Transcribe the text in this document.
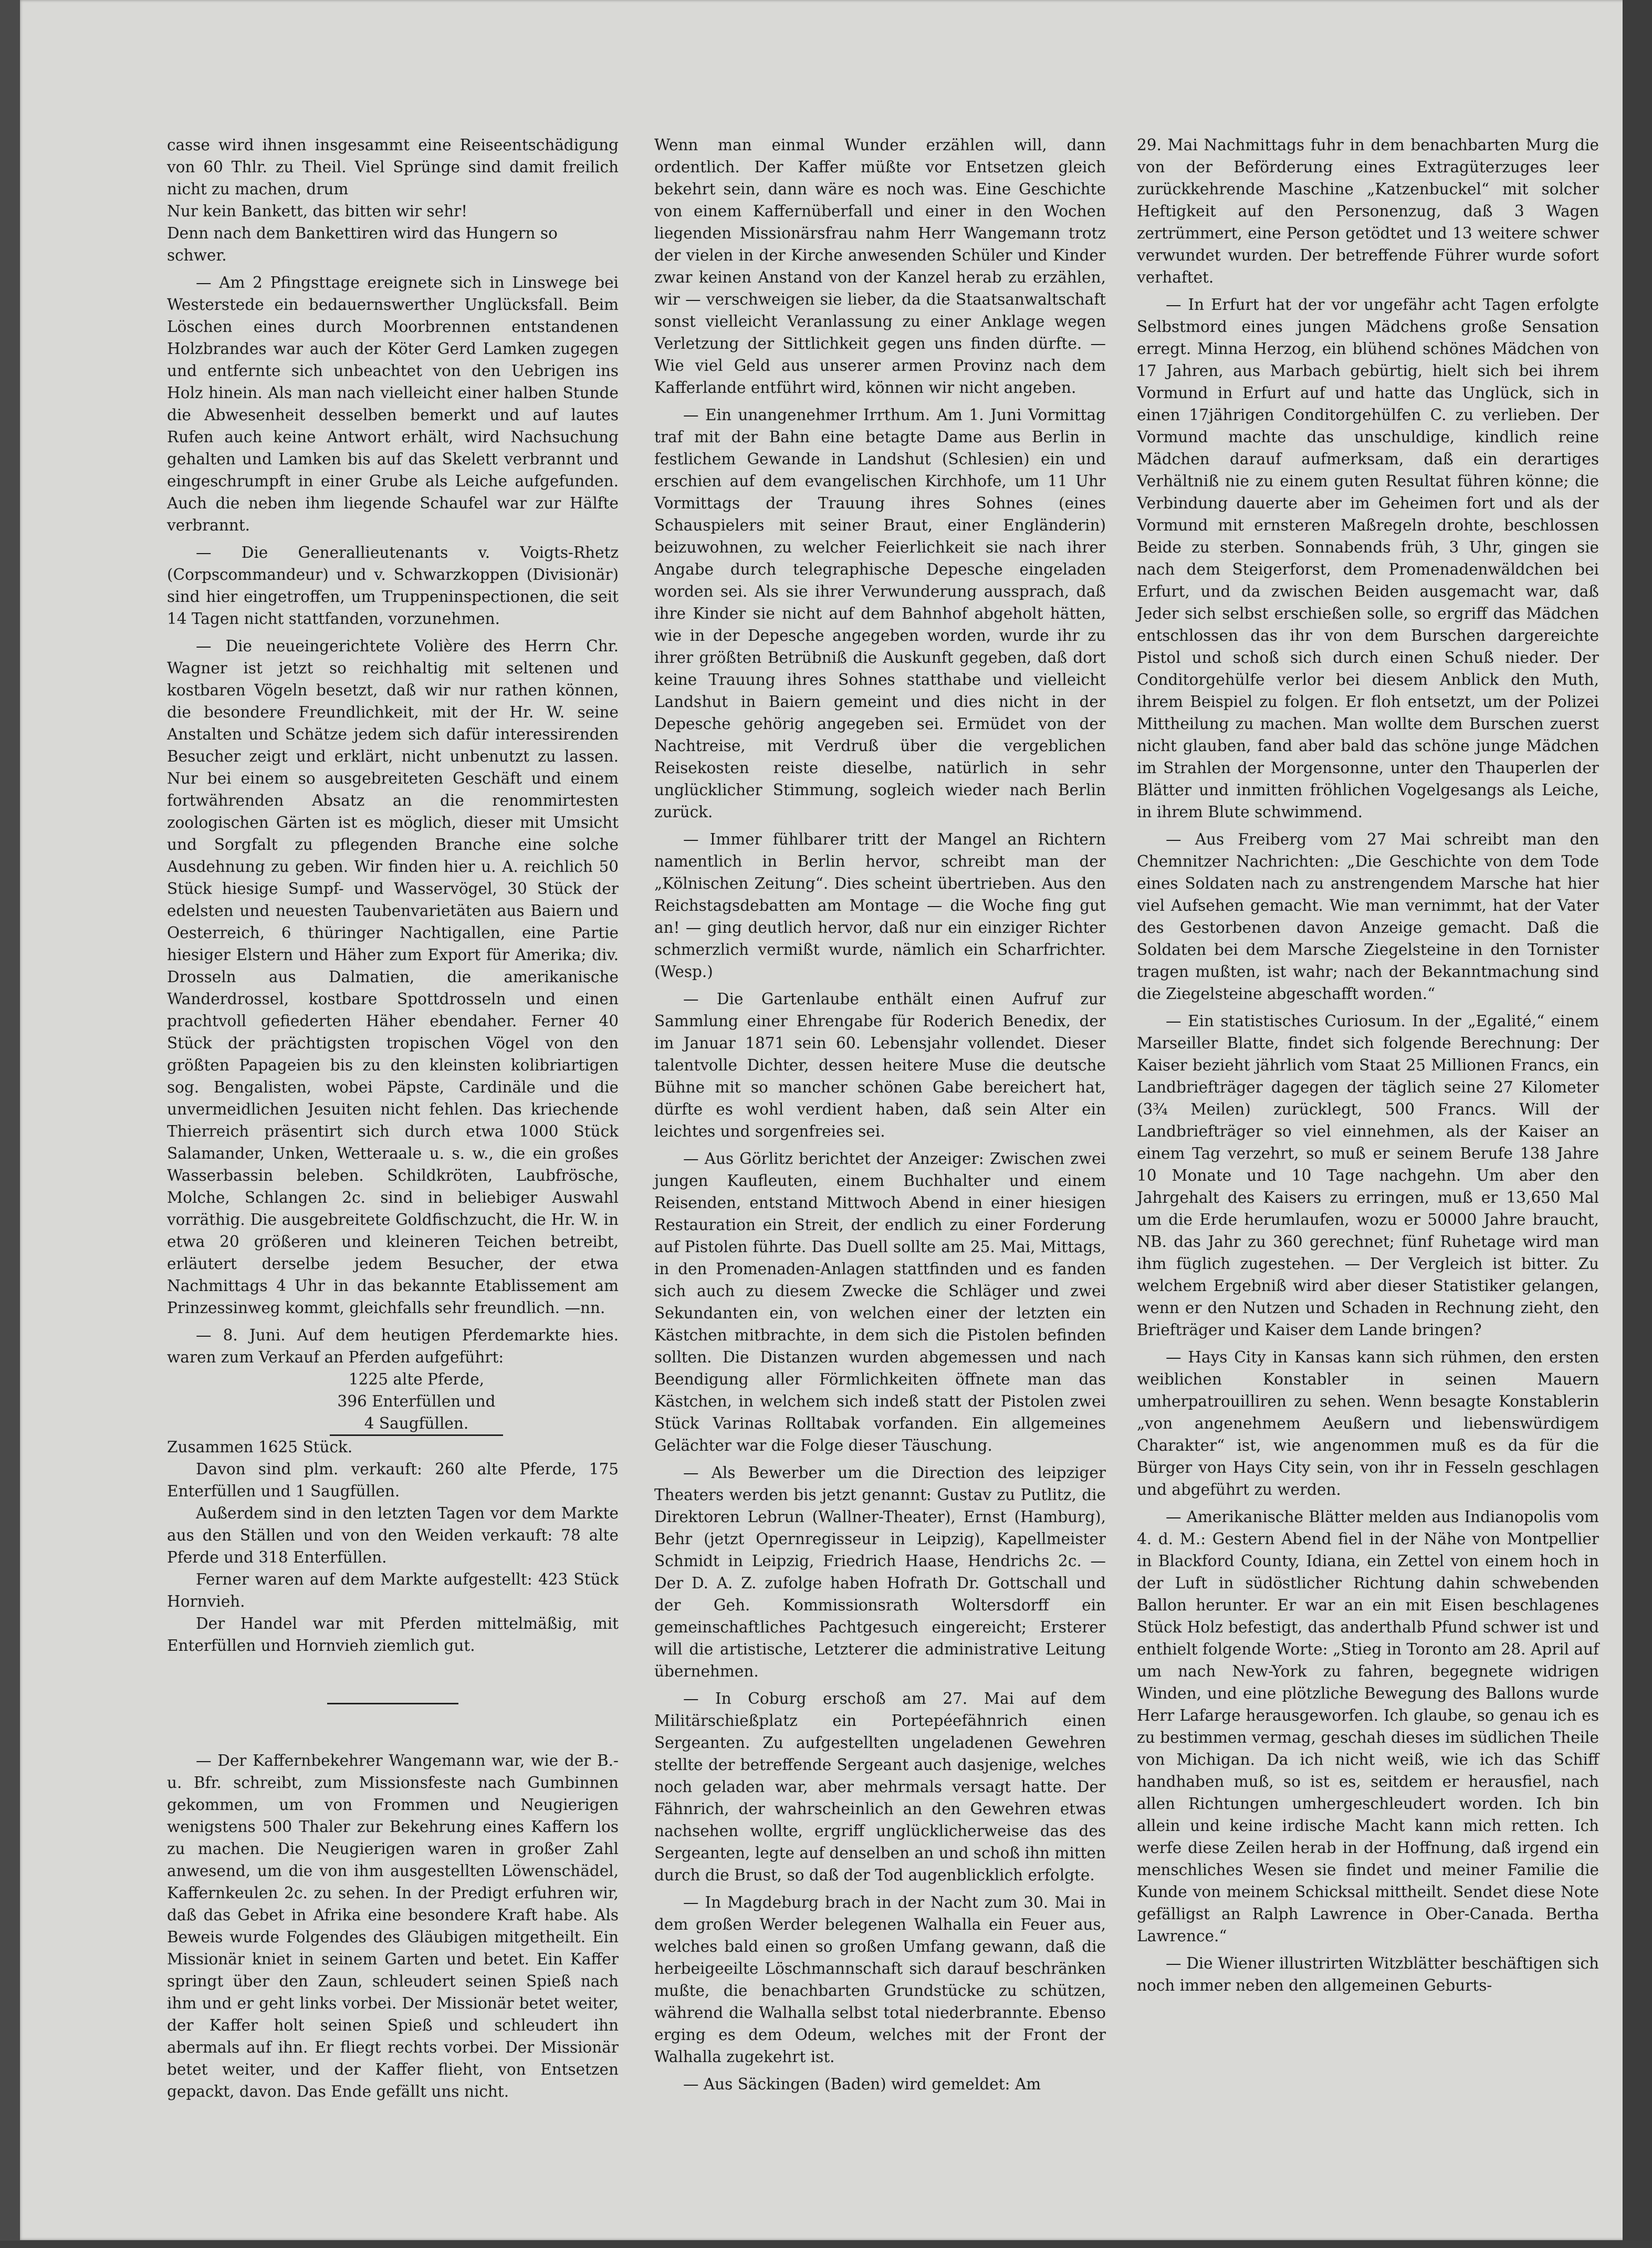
casse wird ihnen insgesammt eine Reiseentschädigung von 60 Thlr. zu Theil. Viel Sprünge sind damit freilich nicht zu machen, drum

Nur kein Bankett, das bitten wir sehr!
Denn nach dem Bankettiren wird das Hungern so schwer.

— Am 2 Pfingsttage ereignete sich in Linswege bei Westerstede ein bedauernswerther Unglücksfall. Beim Löschen eines durch Moorbrennen entstandenen Holzbrandes war auch der Köter Gerd Lamken zugegen und entfernte sich unbeachtet von den Uebrigen ins Holz hinein. Als man nach vielleicht einer halben Stunde die Abwesenheit desselben bemerkt und auf lautes Rufen auch keine Antwort erhält, wird Nachsuchung gehalten und Lamken bis auf das Skelett verbrannt und eingeschrumpft in einer Grube als Leiche aufgefunden. Auch die neben ihm liegende Schaufel war zur Hälfte verbrannt.

— Die Generallieutenants v. Voigts-Rhetz (Corpscommandeur) und v. Schwarzkoppen (Divisionär) sind hier eingetroffen, um Truppeninspectionen, die seit 14 Tagen nicht stattfanden, vorzunehmen.

— Die neueingerichtete Volière des Herrn Chr. Wagner ist jetzt so reichhaltig mit seltenen und kostbaren Vögeln besetzt, daß wir nur rathen können, die besondere Freundlichkeit, mit der Hr. W. seine Anstalten und Schätze jedem sich dafür interessirenden Besucher zeigt und erklärt, nicht unbenutzt zu lassen. Nur bei einem so ausgebreiteten Geschäft und einem fortwährenden Absatz an die renommirtesten zoologischen Gärten ist es möglich, dieser mit Umsicht und Sorgfalt zu pflegenden Branche eine solche Ausdehnung zu geben. Wir finden hier u. A. reichlich 50 Stück hiesige Sumpf- und Wasservögel, 30 Stück der edelsten und neuesten Taubenvarietäten aus Baiern und Oesterreich, 6 thüringer Nachtigallen, eine Partie hiesiger Elstern und Häher zum Export für Amerika; div. Drosseln aus Dalmatien, die amerikanische Wanderdrossel, kostbare Spottdrosseln und einen prachtvoll gefiederten Häher ebendaher. Ferner 40 Stück der prächtigsten tropischen Vögel von den größten Papageien bis zu den kleinsten kolibriartigen sog. Bengalisten, wobei Päpste, Cardinäle und die unvermeidlichen Jesuiten nicht fehlen. Das kriechende Thierreich präsentirt sich durch etwa 1000 Stück Salamander, Unken, Wetteraale u. s. w., die ein großes Wasserbassin beleben. Schildkröten, Laubfrösche, Molche, Schlangen 2c. sind in beliebiger Auswahl vorräthig. Die ausgebreitete Goldfischzucht, die Hr. W. in etwa 20 größeren und kleineren Teichen betreibt, erläutert derselbe jedem Besucher, der etwa Nachmittags 4 Uhr in das bekannte Etablissement am Prinzessinweg kommt, gleichfalls sehr freundlich. —nn.

— 8. Juni. Auf dem heutigen Pferdemarkte hies. waren zum Verkauf an Pferden aufgeführt:

1225 alte Pferde,
396 Enterfüllen und
4 Saugfüllen.

Zusammen 1625 Stück.

Davon sind plm. verkauft: 260 alte Pferde, 175 Enterfüllen und 1 Saugfüllen.

Außerdem sind in den letzten Tagen vor dem Markte aus den Ställen und von den Weiden verkauft: 78 alte Pferde und 318 Enterfüllen.

Ferner waren auf dem Markte aufgestellt: 423 Stück Hornvieh.

Der Handel war mit Pferden mittelmäßig, mit Enterfüllen und Hornvieh ziemlich gut.

— Der Kaffernbekehrer Wangemann war, wie der B.- u. Bfr. schreibt, zum Missionsfeste nach Gumbinnen gekommen, um von Frommen und Neugierigen wenigstens 500 Thaler zur Bekehrung eines Kaffern los zu machen. Die Neugierigen waren in großer Zahl anwesend, um die von ihm ausgestellten Löwenschädel, Kaffernkeulen 2c. zu sehen. In der Predigt erfuhren wir, daß das Gebet in Afrika eine besondere Kraft habe. Als Beweis wurde Folgendes des Gläubigen mitgetheilt. Ein Missionär kniet in seinem Garten und betet. Ein Kaffer springt über den Zaun, schleudert seinen Spieß nach ihm und er geht links vorbei. Der Missionär betet weiter, der Kaffer holt seinen Spieß und schleudert ihn abermals auf ihn. Er fliegt rechts vorbei. Der Missionär betet weiter, und der Kaffer flieht, von Entsetzen gepackt, davon. Das Ende gefällt uns nicht.

Wenn man einmal Wunder erzählen will, dann ordentlich. Der Kaffer müßte vor Entsetzen gleich bekehrt sein, dann wäre es noch was. Eine Geschichte von einem Kaffernüberfall und einer in den Wochen liegenden Missionärsfrau nahm Herr Wangemann trotz der vielen in der Kirche anwesenden Schüler und Kinder zwar keinen Anstand von der Kanzel herab zu erzählen, wir — verschweigen sie lieber, da die Staatsanwaltschaft sonst vielleicht Veranlassung zu einer Anklage wegen Verletzung der Sittlichkeit gegen uns finden dürfte. — Wie viel Geld aus unserer armen Provinz nach dem Kafferlande entführt wird, können wir nicht angeben.

— Ein unangenehmer Irrthum. Am 1. Juni Vormittag traf mit der Bahn eine betagte Dame aus Berlin in festlichem Gewande in Landshut (Schlesien) ein und erschien auf dem evangelischen Kirchhofe, um 11 Uhr Vormittags der Trauung ihres Sohnes (eines Schauspielers mit seiner Braut, einer Engländerin) beizuwohnen, zu welcher Feierlichkeit sie nach ihrer Angabe durch telegraphische Depesche eingeladen worden sei. Als sie ihrer Verwunderung aussprach, daß ihre Kinder sie nicht auf dem Bahnhof abgeholt hätten, wie in der Depesche angegeben worden, wurde ihr zu ihrer größten Betrübniß die Auskunft gegeben, daß dort keine Trauung ihres Sohnes statthabe und vielleicht Landshut in Baiern gemeint und dies nicht in der Depesche gehörig angegeben sei. Ermüdet von der Nachtreise, mit Verdruß über die vergeblichen Reisekosten reiste dieselbe, natürlich in sehr unglücklicher Stimmung, sogleich wieder nach Berlin zurück.

— Immer fühlbarer tritt der Mangel an Richtern namentlich in Berlin hervor, schreibt man der „Kölnischen Zeitung“. Dies scheint übertrieben. Aus den Reichstagsdebatten am Montage — die Woche fing gut an! — ging deutlich hervor, daß nur ein einziger Richter schmerzlich vermißt wurde, nämlich ein Scharfrichter. (Wesp.)

— Die Gartenlaube enthält einen Aufruf zur Sammlung einer Ehrengabe für Roderich Benedix, der im Januar 1871 sein 60. Lebensjahr vollendet. Dieser talentvolle Dichter, dessen heitere Muse die deutsche Bühne mit so mancher schönen Gabe bereichert hat, dürfte es wohl verdient haben, daß sein Alter ein leichtes und sorgenfreies sei.

— Aus Görlitz berichtet der Anzeiger: Zwischen zwei jungen Kaufleuten, einem Buchhalter und einem Reisenden, entstand Mittwoch Abend in einer hiesigen Restauration ein Streit, der endlich zu einer Forderung auf Pistolen führte. Das Duell sollte am 25. Mai, Mittags, in den Promenaden-Anlagen stattfinden und es fanden sich auch zu diesem Zwecke die Schläger und zwei Sekundanten ein, von welchen einer der letzten ein Kästchen mitbrachte, in dem sich die Pistolen befinden sollten. Die Distanzen wurden abgemessen und nach Beendigung aller Förmlichkeiten öffnete man das Kästchen, in welchem sich indeß statt der Pistolen zwei Stück Varinas Rolltabak vorfanden. Ein allgemeines Gelächter war die Folge dieser Täuschung.

— Als Bewerber um die Direction des leipziger Theaters werden bis jetzt genannt: Gustav zu Putlitz, die Direktoren Lebrun (Wallner-Theater), Ernst (Hamburg), Behr (jetzt Opernregisseur in Leipzig), Kapellmeister Schmidt in Leipzig, Friedrich Haase, Hendrichs 2c. — Der D. A. Z. zufolge haben Hofrath Dr. Gottschall und der Geh. Kommissionsrath Woltersdorff ein gemeinschaftliches Pachtgesuch eingereicht; Ersterer will die artistische, Letzterer die administrative Leitung übernehmen.

— In Coburg erschoß am 27. Mai auf dem Militärschießplatz ein Portepéefähnrich einen Sergeanten. Zu aufgestellten ungeladenen Gewehren stellte der betreffende Sergeant auch dasjenige, welches noch geladen war, aber mehrmals versagt hatte. Der Fähnrich, der wahrscheinlich an den Gewehren etwas nachsehen wollte, ergriff unglücklicherweise das des Sergeanten, legte auf denselben an und schoß ihn mitten durch die Brust, so daß der Tod augenblicklich erfolgte.

— In Magdeburg brach in der Nacht zum 30. Mai in dem großen Werder belegenen Walhalla ein Feuer aus, welches bald einen so großen Umfang gewann, daß die herbeigeeilte Löschmannschaft sich darauf beschränken mußte, die benachbarten Grundstücke zu schützen, während die Walhalla selbst total niederbrannte. Ebenso erging es dem Odeum, welches mit der Front der Walhalla zugekehrt ist.

— Aus Säckingen (Baden) wird gemeldet: Am

29. Mai Nachmittags fuhr in dem benachbarten Murg die von der Beförderung eines Extragüterzuges leer zurückkehrende Maschine „Katzenbuckel“ mit solcher Heftigkeit auf den Personenzug, daß 3 Wagen zertrümmert, eine Person getödtet und 13 weitere schwer verwundet wurden. Der betreffende Führer wurde sofort verhaftet.

— In Erfurt hat der vor ungefähr acht Tagen erfolgte Selbstmord eines jungen Mädchens große Sensation erregt. Minna Herzog, ein blühend schönes Mädchen von 17 Jahren, aus Marbach gebürtig, hielt sich bei ihrem Vormund in Erfurt auf und hatte das Unglück, sich in einen 17jährigen Conditorgehülfen C. zu verlieben. Der Vormund machte das unschuldige, kindlich reine Mädchen darauf aufmerksam, daß ein derartiges Verhältniß nie zu einem guten Resultat führen könne; die Verbindung dauerte aber im Geheimen fort und als der Vormund mit ernsteren Maßregeln drohte, beschlossen Beide zu sterben. Sonnabends früh, 3 Uhr, gingen sie nach dem Steigerforst, dem Promenadenwäldchen bei Erfurt, und da zwischen Beiden ausgemacht war, daß Jeder sich selbst erschießen solle, so ergriff das Mädchen entschlossen das ihr von dem Burschen dargereichte Pistol und schoß sich durch einen Schuß nieder. Der Conditorgehülfe verlor bei diesem Anblick den Muth, ihrem Beispiel zu folgen. Er floh entsetzt, um der Polizei Mittheilung zu machen. Man wollte dem Burschen zuerst nicht glauben, fand aber bald das schöne junge Mädchen im Strahlen der Morgensonne, unter den Thauperlen der Blätter und inmitten fröhlichen Vogelgesangs als Leiche, in ihrem Blute schwimmend.

— Aus Freiberg vom 27 Mai schreibt man den Chemnitzer Nachrichten: „Die Geschichte von dem Tode eines Soldaten nach zu anstrengendem Marsche hat hier viel Aufsehen gemacht. Wie man vernimmt, hat der Vater des Gestorbenen davon Anzeige gemacht. Daß die Soldaten bei dem Marsche Ziegelsteine in den Tornister tragen mußten, ist wahr; nach der Bekanntmachung sind die Ziegelsteine abgeschafft worden.“

— Ein statistisches Curiosum. In der „Egalité,“ einem Marseiller Blatte, findet sich folgende Berechnung: Der Kaiser bezieht jährlich vom Staat 25 Millionen Francs, ein Landbriefträger dagegen der täglich seine 27 Kilometer (3¾ Meilen) zurücklegt, 500 Francs. Will der Landbriefträger so viel einnehmen, als der Kaiser an einem Tag verzehrt, so muß er seinem Berufe 138 Jahre 10 Monate und 10 Tage nachgehn. Um aber den Jahrgehalt des Kaisers zu erringen, muß er 13,650 Mal um die Erde herumlaufen, wozu er 50000 Jahre braucht, NB. das Jahr zu 360 gerechnet; fünf Ruhetage wird man ihm füglich zugestehen. — Der Vergleich ist bitter. Zu welchem Ergebniß wird aber dieser Statistiker gelangen, wenn er den Nutzen und Schaden in Rechnung zieht, den Briefträger und Kaiser dem Lande bringen?

— Hays City in Kansas kann sich rühmen, den ersten weiblichen Konstabler in seinen Mauern umherpatrouilliren zu sehen. Wenn besagte Konstablerin „von angenehmem Aeußern und liebenswürdigem Charakter“ ist, wie angenommen muß es da für die Bürger von Hays City sein, von ihr in Fesseln geschlagen und abgeführt zu werden.

— Amerikanische Blätter melden aus Indianopolis vom 4. d. M.: Gestern Abend fiel in der Nähe von Montpellier in Blackford County, Idiana, ein Zettel von einem hoch in der Luft in südöstlicher Richtung dahin schwebenden Ballon herunter. Er war an ein mit Eisen beschlagenes Stück Holz befestigt, das anderthalb Pfund schwer ist und enthielt folgende Worte: „Stieg in Toronto am 28. April auf um nach New-York zu fahren, begegnete widrigen Winden, und eine plötzliche Bewegung des Ballons wurde Herr Lafarge herausgeworfen. Ich glaube, so genau ich es zu bestimmen vermag, geschah dieses im südlichen Theile von Michigan. Da ich nicht weiß, wie ich das Schiff handhaben muß, so ist es, seitdem er herausfiel, nach allen Richtungen umhergeschleudert worden. Ich bin allein und keine irdische Macht kann mich retten. Ich werfe diese Zeilen herab in der Hoffnung, daß irgend ein menschliches Wesen sie findet und meiner Familie die Kunde von meinem Schicksal mittheilt. Sendet diese Note gefälligst an Ralph Lawrence in Ober-Canada. Bertha Lawrence.“

— Die Wiener illustrirten Witzblätter beschäftigen sich noch immer neben den allgemeinen Geburts-
